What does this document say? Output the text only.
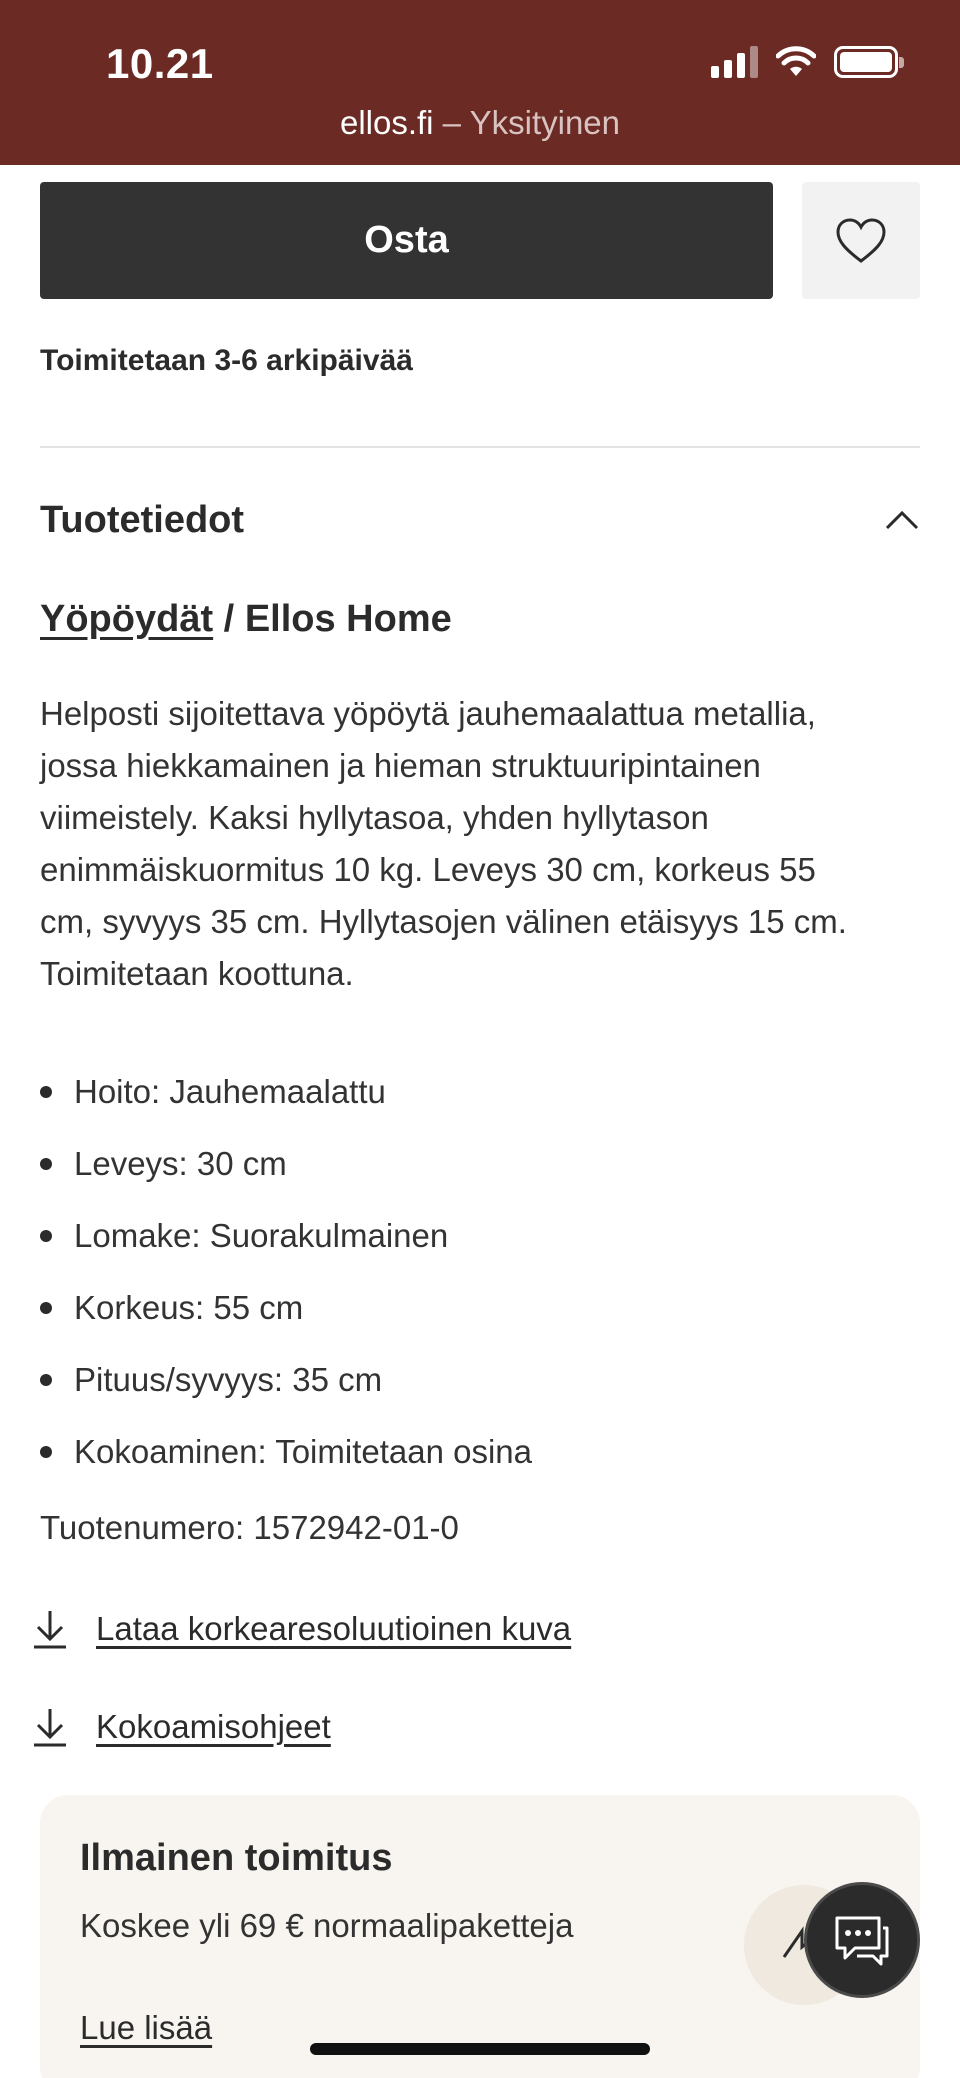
10.21
ellos.fi – Yksityinen
Osta
Toimitetaan 3-6 arkipäivää
Tuotetiedot
Yöpöydät / Ellos Home
Helposti sijoitettava yöpöytä jauhemaalattua metallia,
jossa hiekkamainen ja hieman struktuuripintainen
viimeistely. Kaksi hyllytasoa, yhden hyllytason
enimmäiskuormitus 10 kg. Leveys 30 cm, korkeus 55
cm, syvyys 35 cm. Hyllytasojen välinen etäisyys 15 cm.
Toimitetaan koottuna.
Hoito: Jauhemaalattu
Leveys: 30 cm
Lomake: Suorakulmainen
Korkeus: 55 cm
Pituus/syvyys: 35 cm
Kokoaminen: Toimitetaan osina
Tuotenumero: 1572942-01-0
Lataa korkearesoluutioinen kuva
Kokoamisohjeet
Ilmainen toimitus
Koskee yli 69 € normaalipaketteja
Lue lisää
